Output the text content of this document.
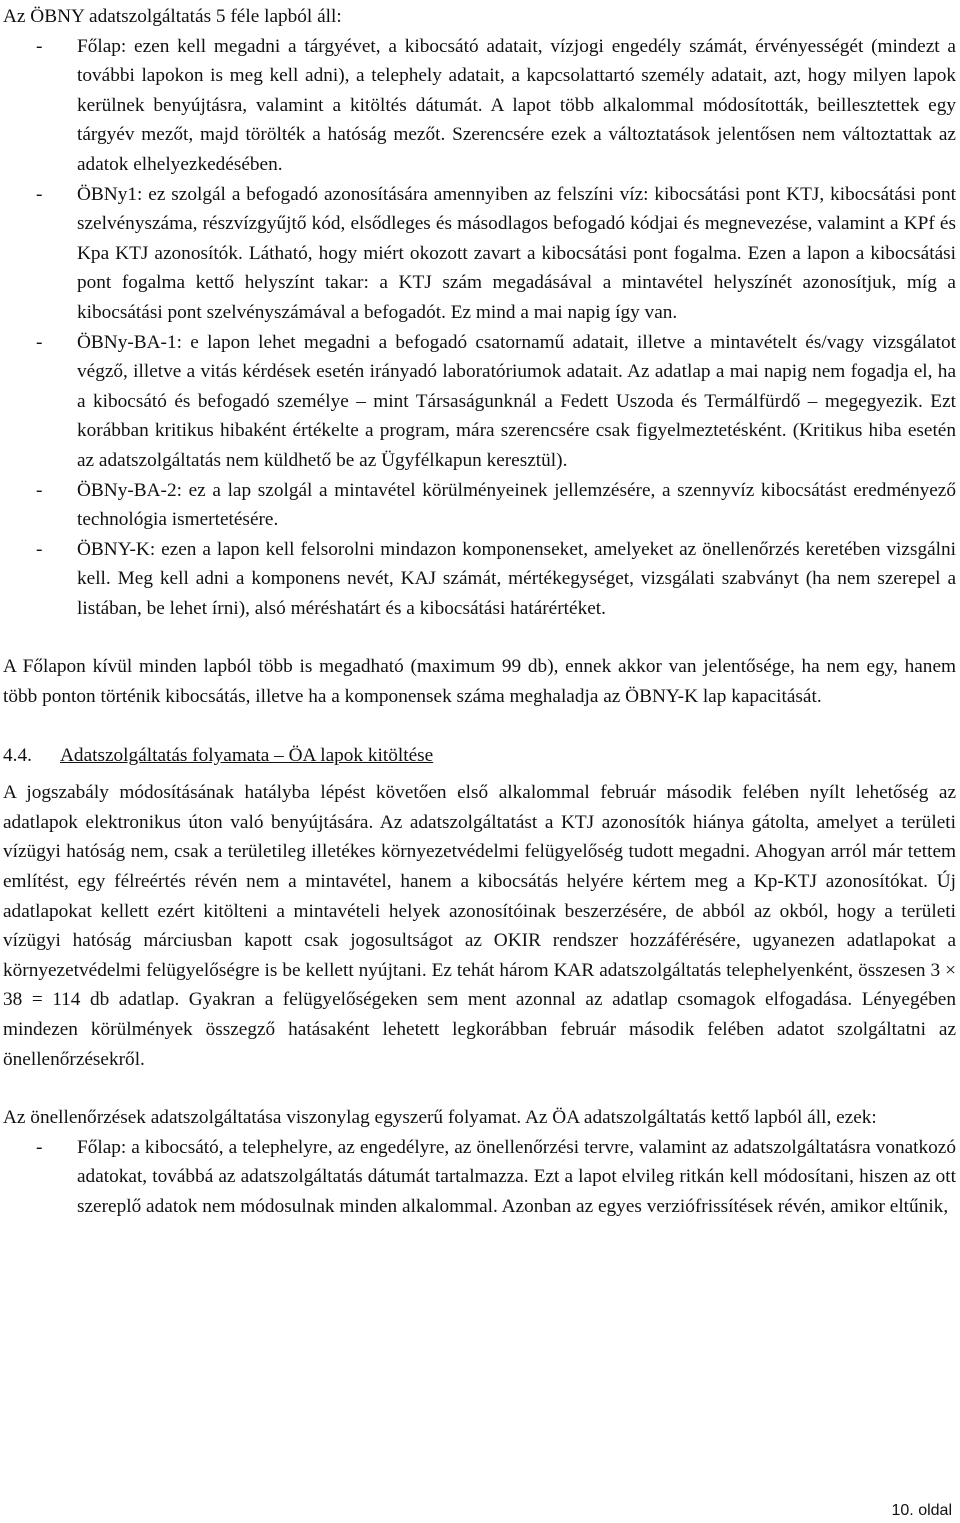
Az ÖBNY adatszolgáltatás 5 féle lapból áll:

- Főlap: ezen kell megadni a tárgyévet, a kibocsátó adatait, vízjogi engedély számát, érvényességét (mindezt a további lapokon is meg kell adni), a telephely adatait, a kapcsolattartó személy adatait, azt, hogy milyen lapok kerülnek benyújtásra, valamint a kitöltés dátumát. A lapot több alkalommal módosították, beillesztettek egy tárgyév mezőt, majd törölték a hatóság mezőt. Szerencsére ezek a változtatások jelentősen nem változtattak az adatok elhelyezkedésében.
- ÖBNy1: ez szolgál a befogadó azonosítására amennyiben az felszíni víz: kibocsátási pont KTJ, kibocsátási pont szelvényszáma, részvízgyűjtő kód, elsődleges és másodlagos befogadó kódjai és megnevezése, valamint a KPf és Kpa KTJ azonosítók. Látható, hogy miért okozott zavart a kibocsátási pont fogalma. Ezen a lapon a kibocsátási pont fogalma kettő helyszínt takar: a KTJ szám megadásával a mintavétel helyszínét azonosítjuk, míg a kibocsátási pont szelvényszámával a befogadót. Ez mind a mai napig így van.
- ÖBNy-BA-1: e lapon lehet megadni a befogadó csatornamű adatait, illetve a mintavételt és/vagy vizsgálatot végző, illetve a vitás kérdések esetén irányadó laboratóriumok adatait. Az adatlap a mai napig nem fogadja el, ha a kibocsátó és befogadó személye – mint Társaságunknál a Fedett Uszoda és Termálfürdő – megegyezik. Ezt korábban kritikus hibaként értékelte a program, mára szerencsére csak figyelmeztetésként. (Kritikus hiba esetén az adatszolgáltatás nem küldhető be az Ügyfélkapun keresztül).
- ÖBNy-BA-2: ez a lap szolgál a mintavétel körülményeinek jellemzésére, a szennyvíz kibocsátást eredményező technológia ismertetésére.
- ÖBNY-K: ezen a lapon kell felsorolni mindazon komponenseket, amelyeket az önellenőrzés keretében vizsgálni kell. Meg kell adni a komponens nevét, KAJ számát, mértékegységet, vizsgálati szabványt (ha nem szerepel a listában, be lehet írni), alsó méréshatárt és a kibocsátási határértéket.

A Főlapon kívül minden lapból több is megadható (maximum 99 db), ennek akkor van jelentősége, ha nem egy, hanem több ponton történik kibocsátás, illetve ha a komponensek száma meghaladja az ÖBNY-K lap kapacitását.

4.4.	Adatszolgáltatás folyamata – ÖA lapok kitöltése

A jogszabály módosításának hatályba lépést követően első alkalommal február második felében nyílt lehetőség az adatlapok elektronikus úton való benyújtására. Az adatszolgáltatást a KTJ azonosítók hiánya gátolta, amelyet a területi vízügyi hatóság nem, csak a területileg illetékes környezetvédelmi felügyelőség tudott megadni. Ahogyan arról már tettem említést, egy félreértés révén nem a mintavétel, hanem a kibocsátás helyére kértem meg a Kp-KTJ azonosítókat. Új adatlapokat kellett ezért kitölteni a mintavételi helyek azonosítóinak beszerzésére, de abból az okból, hogy a területi vízügyi hatóság márciusban kapott csak jogosultságot az OKIR rendszer hozzáférésére, ugyanezen adatlapokat a környezetvédelmi felügyelőségre is be kellett nyújtani. Ez tehát három KAR adatszolgáltatás telephelyenként, összesen 3 × 38 = 114 db adatlap. Gyakran a felügyelőségeken sem ment azonnal az adatlap csomagok elfogadása. Lényegében mindezen körülmények összegző hatásaként lehetett legkorábban február második felében adatot szolgáltatni az önellenőrzésekről.

Az önellenőrzések adatszolgáltatása viszonylag egyszerű folyamat. Az ÖA adatszolgáltatás kettő lapból áll, ezek:

- Főlap: a kibocsátó, a telephelyre, az engedélyre, az önellenőrzési tervre, valamint az adatszolgáltatásra vonatkozó adatokat, továbbá az adatszolgáltatás dátumát tartalmazza. Ezt a lapot elvileg ritkán kell módosítani, hiszen az ott szereplő adatok nem módosulnak minden alkalommal. Azonban az egyes verziófrissítések révén, amikor eltűnik,
10. oldal
